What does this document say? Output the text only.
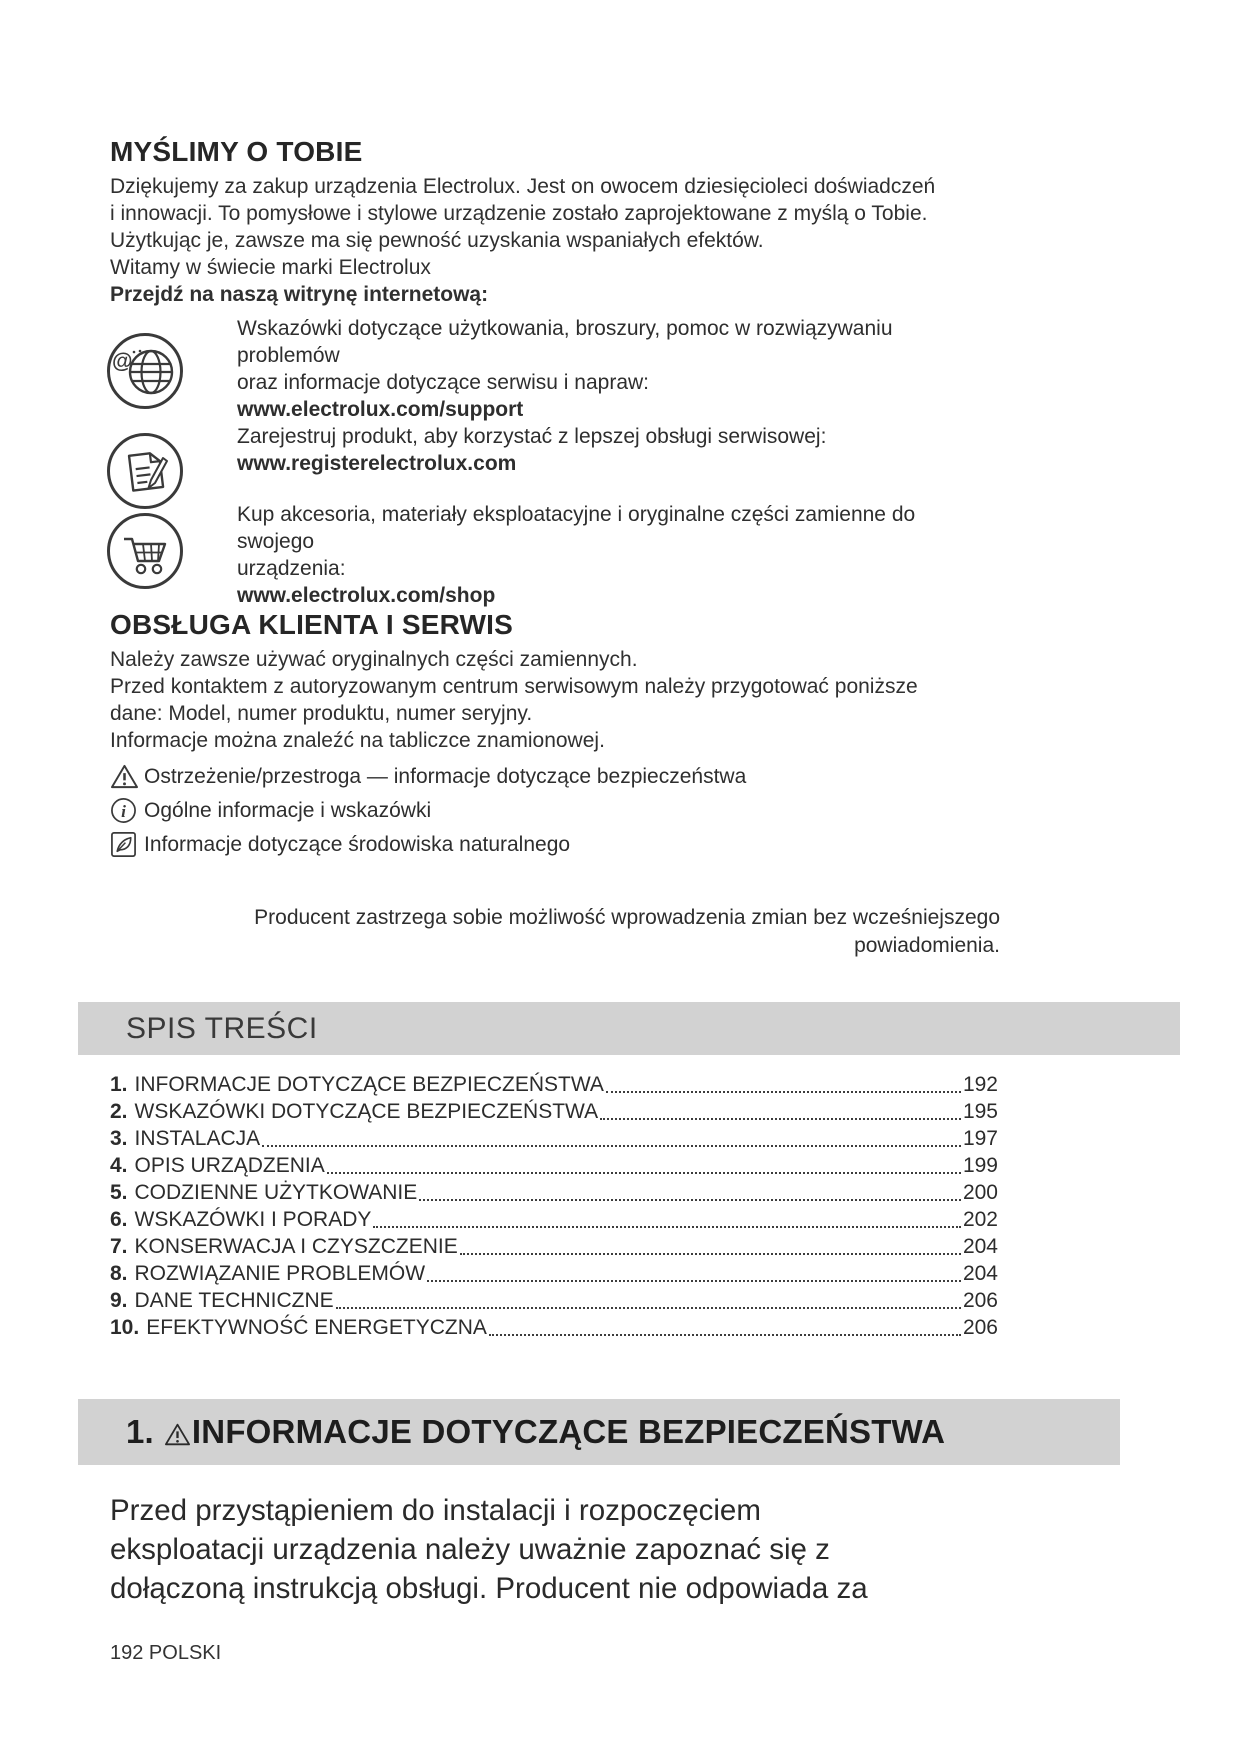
MYŚLIMY O TOBIE
Dziękujemy za zakup urządzenia Electrolux. Jest on owocem dziesięcioleci doświadczeń
i innowacji. To pomysłowe i stylowe urządzenie zostało zaprojektowane z myślą o Tobie.
Użytkując je, zawsze ma się pewność uzyskania wspaniałych efektów.
Witamy w świecie marki Electrolux
Przejdź na naszą witrynę internetową:
@
Wskazówki dotyczące użytkowania, broszury, pomoc w rozwiązywaniu problemów
oraz informacje dotyczące serwisu i napraw:
www.electrolux.com/support
Zarejestruj produkt, aby korzystać z lepszej obsługi serwisowej:
www.registerelectrolux.com
Kup akcesoria, materiały eksploatacyjne i oryginalne części zamienne do swojego
urządzenia:
www.electrolux.com/shop
OBSŁUGA KLIENTA I SERWIS
Należy zawsze używać oryginalnych części zamiennych.
Przed kontaktem z autoryzowanym centrum serwisowym należy przygotować poniższe
dane: Model, numer produktu, numer seryjny.
Informacje można znaleźć na tabliczce znamionowej.
Ostrzeżenie/przestroga — informacje dotyczące bezpieczeństwa
i Ogólne informacje i wskazówki
Informacje dotyczące środowiska naturalnego
Producent zastrzega sobie możliwość wprowadzenia zmian bez wcześniejszego
powiadomienia.
SPIS TREŚCI
1. INFORMACJE DOTYCZĄCE BEZPIECZEŃSTWA	192
2. WSKAZÓWKI DOTYCZĄCE BEZPIECZEŃSTWA	195
3. INSTALACJA	197
4. OPIS URZĄDZENIA	199
5. CODZIENNE UŻYTKOWANIE	200
6. WSKAZÓWKI I PORADY	202
7. KONSERWACJA I CZYSZCZENIE	204
8. ROZWIĄZANIE PROBLEMÓW	204
9. DANE TECHNICZNE	206
10. EFEKTYWNOŚĆ ENERGETYCZNA	206
1. INFORMACJE DOTYCZĄCE BEZPIECZEŃSTWA
Przed przystąpieniem do instalacji i rozpoczęciem
eksploatacji urządzenia należy uważnie zapoznać się z
dołączoną instrukcją obsługi. Producent nie odpowiada za
192 POLSKI
